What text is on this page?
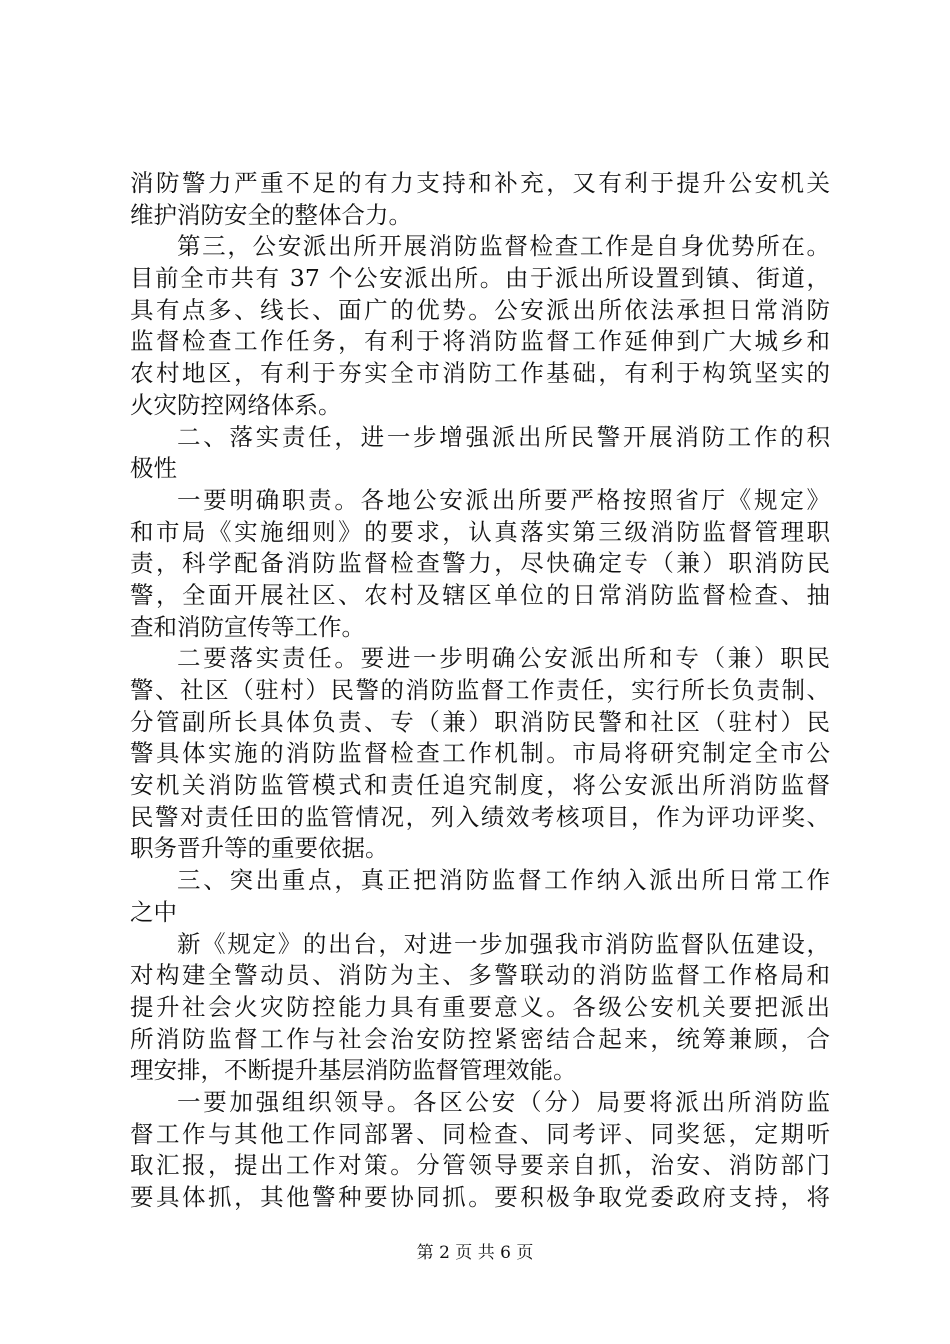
消防警力严重不足的有力支持和补充，又有利于提升公安机关
维护消防安全的整体合力。
第三，公安派出所开展消防监督检查工作是自身优势所在。
目前全市共有 37 个公安派出所。由于派出所设置到镇、街道，
具有点多、线长、面广的优势。公安派出所依法承担日常消防
监督检查工作任务，有利于将消防监督工作延伸到广大城乡和
农村地区，有利于夯实全市消防工作基础，有利于构筑坚实的
火灾防控网络体系。
二、落实责任，进一步增强派出所民警开展消防工作的积
极性
一要明确职责。各地公安派出所要严格按照省厅《规定》
和市局《实施细则》的要求，认真落实第三级消防监督管理职
责，科学配备消防监督检查警力，尽快确定专（兼）职消防民
警，全面开展社区、农村及辖区单位的日常消防监督检查、抽
查和消防宣传等工作。
二要落实责任。要进一步明确公安派出所和专（兼）职民
警、社区（驻村）民警的消防监督工作责任，实行所长负责制、
分管副所长具体负责、专（兼）职消防民警和社区（驻村）民
警具体实施的消防监督检查工作机制。市局将研究制定全市公
安机关消防监管模式和责任追究制度，将公安派出所消防监督
民警对责任田的监管情况，列入绩效考核项目，作为评功评奖、
职务晋升等的重要依据。
三、突出重点，真正把消防监督工作纳入派出所日常工作
之中
新《规定》的出台，对进一步加强我市消防监督队伍建设，
对构建全警动员、消防为主、多警联动的消防监督工作格局和
提升社会火灾防控能力具有重要意义。各级公安机关要把派出
所消防监督工作与社会治安防控紧密结合起来，统筹兼顾，合
理安排，不断提升基层消防监督管理效能。
一要加强组织领导。各区公安（分）局要将派出所消防监
督工作与其他工作同部署、同检查、同考评、同奖惩，定期听
取汇报，提出工作对策。分管领导要亲自抓，治安、消防部门
要具体抓，其他警种要协同抓。要积极争取党委政府支持，将
第 2 页 共 6 页
